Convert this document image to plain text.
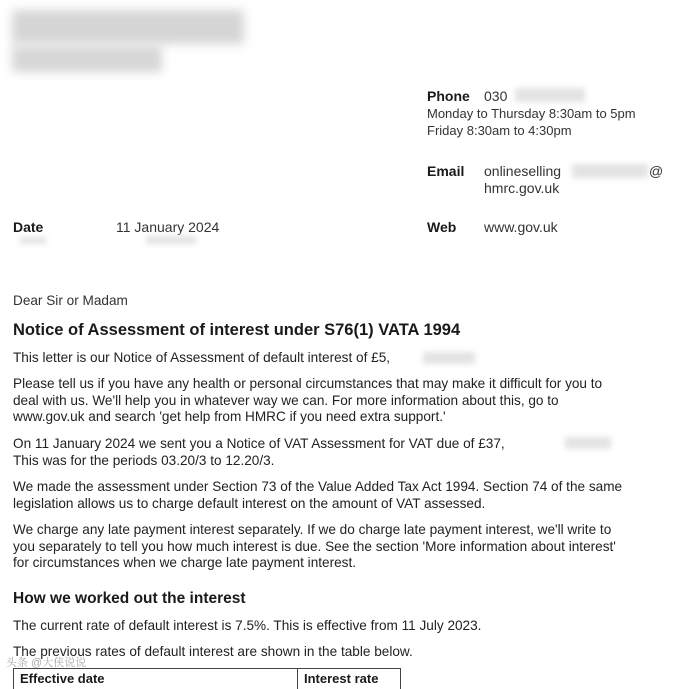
Phone 030
Monday to Thursday 8:30am to 5pm
Friday 8:30am to 4:30pm
Email onlineselling	@
hmrc.gov.uk
Web www.gov.uk
Date	11 January 2024
Dear Sir or Madam
Notice of Assessment of interest under S76(1) VATA 1994

This letter is our Notice of Assessment of default interest of £5,

Please tell us if you have any health or personal circumstances that may make it difficult for you to deal with us. We'll help you in whatever way we can. For more information about this, go to www.gov.uk and search 'get help from HMRC if you need extra support.'

On 11 January 2024 we sent you a Notice of VAT Assessment for VAT due of £37,

This was for the periods 03.20/3 to 12.20/3.

We made the assessment under Section 73 of the Value Added Tax Act 1994. Section 74 of the same legislation allows us to charge default interest on the amount of VAT assessed.

We charge any late payment interest separately. If we do charge late payment interest, we'll write to you separately to tell you how much interest is due. See the section 'More information about interest' for circumstances when we charge late payment interest.

How we worked out the interest

The current rate of default interest is 7.5%. This is effective from 11 July 2023.

The previous rates of default interest are shown in the table below.

Effective date	Interest rate
头条 @大侠说说
